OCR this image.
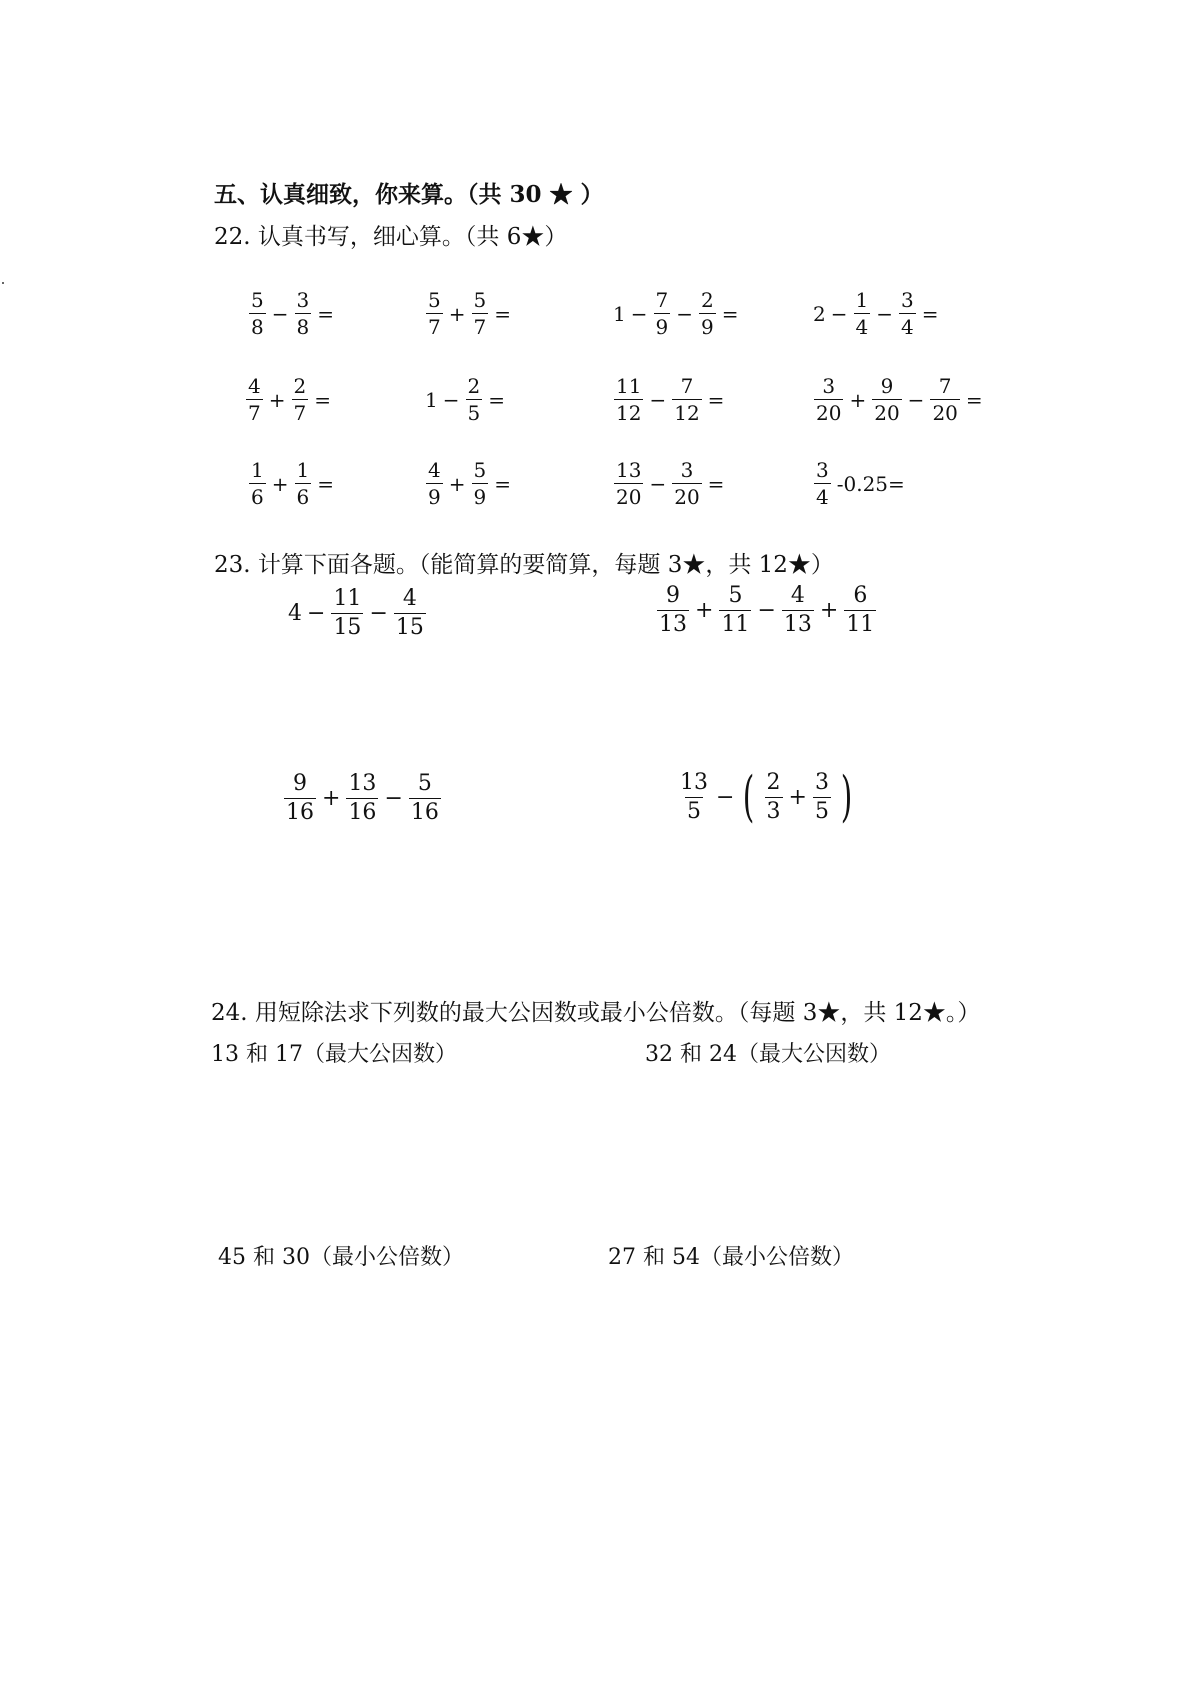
五、认真细致，你来算。（共 30 ★ ）
22. 认真书写，细心算。（共 6★）
$\frac{5}{8} - \frac{3}{8}$ =	$\frac{5}{7} + \frac{5}{7}$ =	$1 - \frac{7}{9} - \frac{2}{9}$ =	$2 - \frac{1}{4} - \frac{3}{4}$ =
$\frac{4}{7} + \frac{2}{7}$ =	$1 - \frac{2}{5}$ =	$\frac{11}{12} - \frac{7}{12}$ =	$\frac{3}{20} + \frac{9}{20} - \frac{7}{20}$ =
$\frac{1}{6} + \frac{1}{6}$ =	$\frac{4}{9} + \frac{5}{9}$ =	$\frac{13}{20} - \frac{3}{20}$ =	$\frac{3}{4} -0.25=$
23. 计算下面各题。（能简算的要简算，每题 3★，共 12★）
$4 - \frac{11}{15} - \frac{4}{15}$	$\frac{9}{13} + \frac{5}{11} - \frac{4}{13} + \frac{6}{11}$
$\frac{9}{16} + \frac{13}{16} - \frac{5}{16}$	$\frac{13}{5}$ − ( $\frac{2}{3} + \frac{3}{5}$ )
24. 用短除法求下列数的最大公因数或最小公倍数。（每题 3★，共 12★。）
13 和 17（最大公因数）	32 和 24（最大公因数）
45 和 30（最小公倍数）	27 和 54（最小公倍数）
